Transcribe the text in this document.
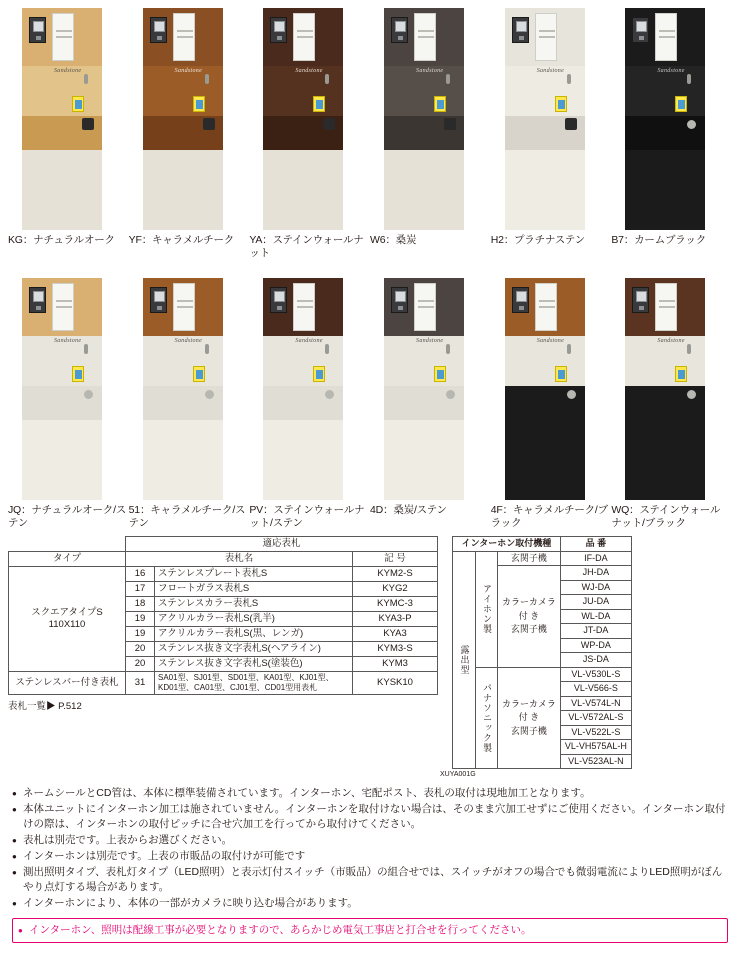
Sandstone
KG：ナチュラルオーク
Sandstone
YF：キャラメルチーク
Sandstone
YA：ステインウォールナット
Sandstone
W6：桑炭
Sandstone
H2：プラチナステン
Sandstone
B7：カームブラック
Sandstone
JQ：ナチュラルオーク/ステン
Sandstone
51：キャラメルチーク/ステン
Sandstone
PV：ステインウォールナット/ステン
Sandstone
4D：桑炭/ステン
Sandstone
4F：キャラメルチーク/ブラック
Sandstone
WQ：ステインウォールナット/ブラック
	適応表札		
タイプ	表札名		記 号
スクエアタイプS
110X110	16	ステンレスプレート表札S	KYM2-S
	17	フロートガラス表札S	KYG2
	18	ステンレスカラー表札S	KYMC-3
	19	アクリルカラー表札S(乳半)	KYA3-P
	19	アクリルカラー表札S(黒、レンガ)	KYA3
	20	ステンレス抜き文字表札S(ヘアライン)	KYM3-S
	20	ステンレス抜き文字表札S(塗装色)	KYM3
ステンレスバー付き表札	31	SA01型、SJ01型、SD01型、KA01型、KJ01型、
KD01型、CA01型、CJ01型、CD01型用表札	KYSK10
表札一覧▶ P.512
インターホン取付機種			品 番
露出型	アイホン製	玄関子機	IF-DA
		カラーカメラ
付 き
玄関子機	JH-DA
			WJ-DA
			JU-DA
			WL-DA
			JT-DA
			WP-DA
			JS-DA
	パナソニック製	カラーカメラ
付 き
玄関子機	VL-V530L-S
			VL-V566-S
			VL-V574L-N
			VL-V572AL-S
			VL-V522L-S
			VL-VH575AL-H
			VL-V523AL-N
XUYA001G
● ネームシールとCD管は、本体に標準装備されています。インターホン、宅配ポスト、表札の取付は現地加工となります。
● 本体ユニットにインターホン加工は施されていません。インターホンを取付けない場合は、そのまま穴加工せずにご使用ください。インターホン取付けの際は、インターホンの取付ピッチに合せ穴加工を行ってから取付けてください。
● 表札は別売です。上表からお選びください。
● インターホンは別売です。上表の市販品の取付けが可能です
● 測出照明タイプ、表札灯タイプ（LED照明）と表示灯付スイッチ（市販品）の組合せでは、スイッチがオフの場合でも微弱電流によりLED照明がぼんやり点灯する場合があります。
● インターホンにより、本体の一部がカメラに映り込む場合があります。
● インターホン、照明は配線工事が必要となりますので、あらかじめ電気工事店と打合せを行ってください。
